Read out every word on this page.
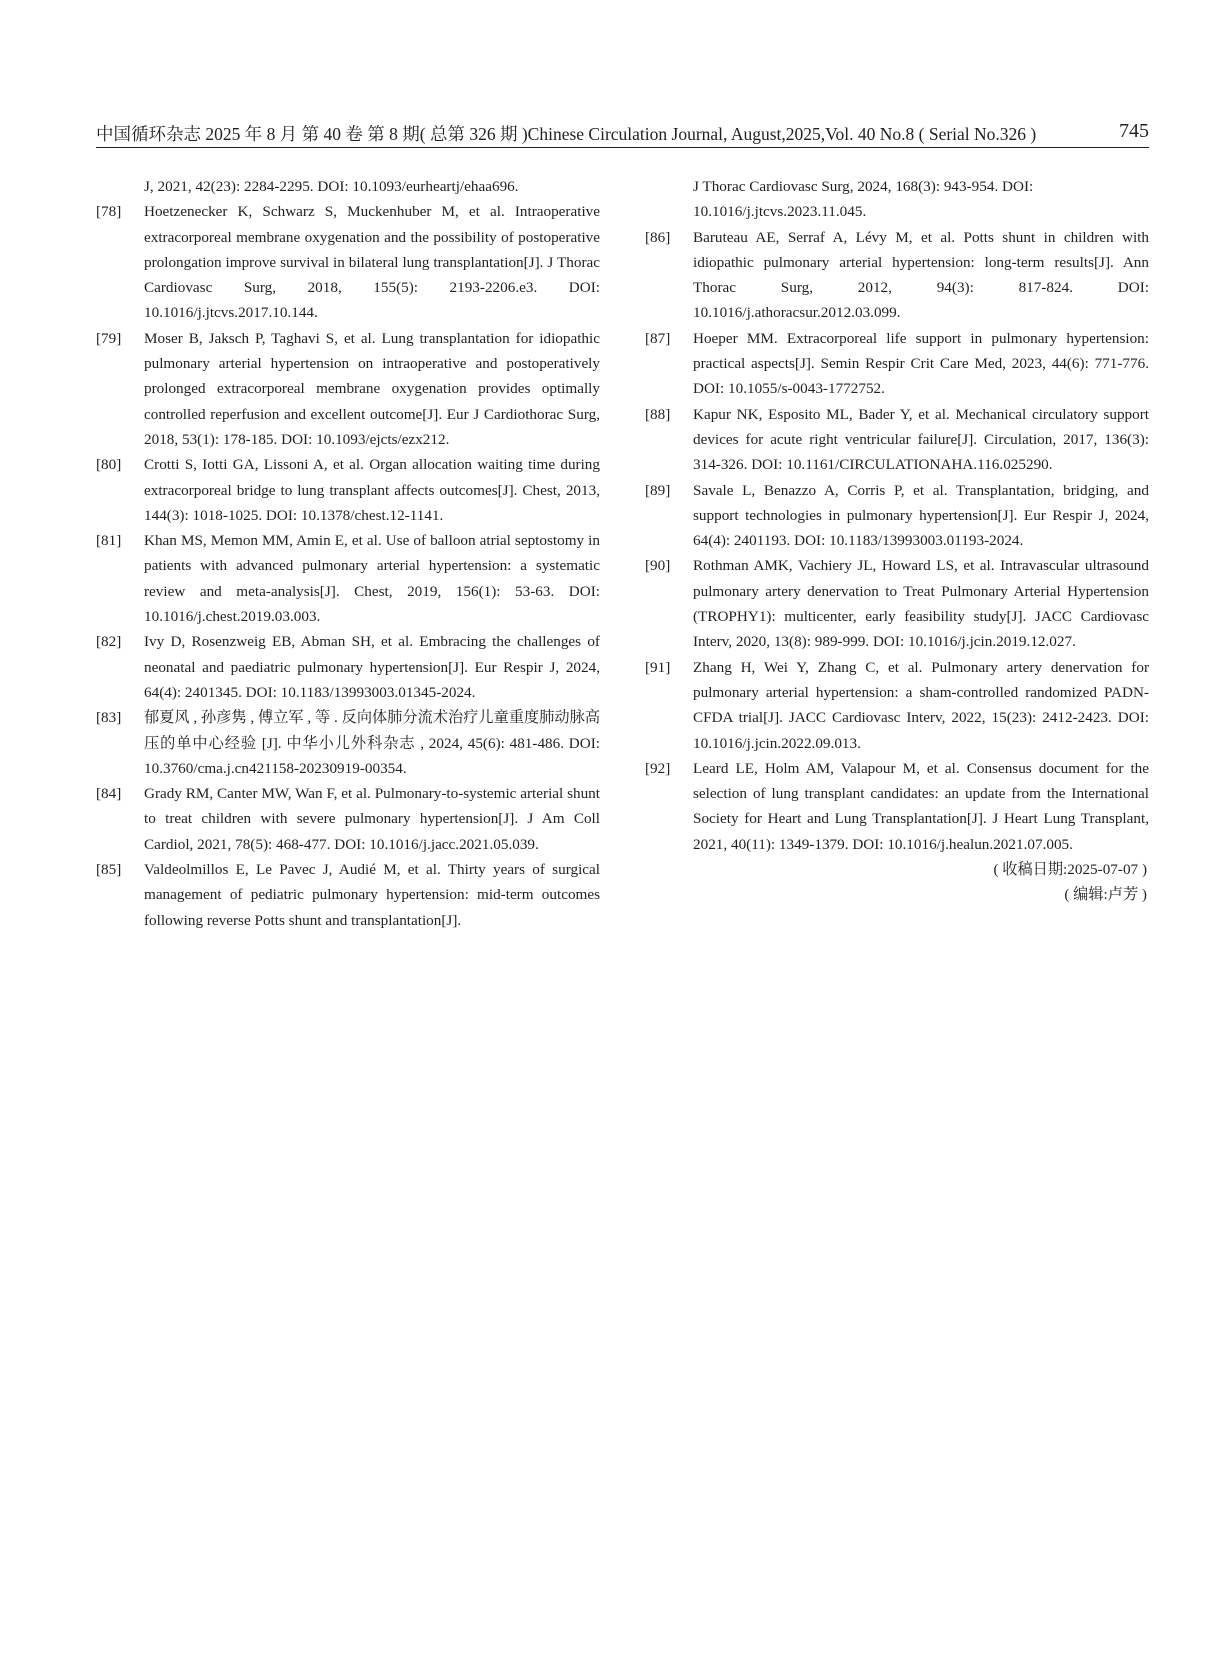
中国循环杂志 2025 年 8 月 第 40 卷 第 8 期( 总第 326 期 )Chinese Circulation Journal, August,2025,Vol. 40 No.8 ( Serial No.326 )	745
J, 2021, 42(23): 2284-2295. DOI: 10.1093/eurheartj/ehaa696.
[78] Hoetzenecker K, Schwarz S, Muckenhuber M, et al. Intraoperative extracorporeal membrane oxygenation and the possibility of postoperative prolongation improve survival in bilateral lung transplantation[J]. J Thorac Cardiovasc Surg, 2018, 155(5): 2193-2206.e3. DOI: 10.1016/j.jtcvs.2017.10.144.
[79] Moser B, Jaksch P, Taghavi S, et al. Lung transplantation for idiopathic pulmonary arterial hypertension on intraoperative and postoperatively prolonged extracorporeal membrane oxygenation provides optimally controlled reperfusion and excellent outcome[J]. Eur J Cardiothorac Surg, 2018, 53(1): 178-185. DOI: 10.1093/ejcts/ezx212.
[80] Crotti S, Iotti GA, Lissoni A, et al. Organ allocation waiting time during extracorporeal bridge to lung transplant affects outcomes[J]. Chest, 2013, 144(3): 1018-1025. DOI: 10.1378/chest.12-1141.
[81] Khan MS, Memon MM, Amin E, et al. Use of balloon atrial septostomy in patients with advanced pulmonary arterial hypertension: a systematic review and meta-analysis[J]. Chest, 2019, 156(1): 53-63. DOI: 10.1016/j.chest.2019.03.003.
[82] Ivy D, Rosenzweig EB, Abman SH, et al. Embracing the challenges of neonatal and paediatric pulmonary hypertension[J]. Eur Respir J, 2024, 64(4): 2401345. DOI: 10.1183/13993003.01345-2024.
[83] 郁夏风 , 孙彦隽 , 傅立军 , 等 . 反向体肺分流术治疗儿童重度肺动脉高压的单中心经验 [J]. 中华小儿外科杂志 , 2024, 45(6): 481-486. DOI: 10.3760/cma.j.cn421158-20230919-00354.
[84] Grady RM, Canter MW, Wan F, et al. Pulmonary-to-systemic arterial shunt to treat children with severe pulmonary hypertension[J]. J Am Coll Cardiol, 2021, 78(5): 468-477. DOI: 10.1016/j.jacc.2021.05.039.
[85] Valdeolmillos E, Le Pavec J, Audié M, et al. Thirty years of surgical management of pediatric pulmonary hypertension: mid-term outcomes following reverse Potts shunt and transplantation[J].
J Thorac Cardiovasc Surg, 2024, 168(3): 943-954. DOI: 10.1016/j.jtcvs.2023.11.045.
[86] Baruteau AE, Serraf A, Lévy M, et al. Potts shunt in children with idiopathic pulmonary arterial hypertension: long-term results[J]. Ann Thorac Surg, 2012, 94(3): 817-824. DOI: 10.1016/j.athoracsur.2012.03.099.
[87] Hoeper MM. Extracorporeal life support in pulmonary hypertension: practical aspects[J]. Semin Respir Crit Care Med, 2023, 44(6): 771-776. DOI: 10.1055/s-0043-1772752.
[88] Kapur NK, Esposito ML, Bader Y, et al. Mechanical circulatory support devices for acute right ventricular failure[J]. Circulation, 2017, 136(3): 314-326. DOI: 10.1161/CIRCULATIONAHA.116.025290.
[89] Savale L, Benazzo A, Corris P, et al. Transplantation, bridging, and support technologies in pulmonary hypertension[J]. Eur Respir J, 2024, 64(4): 2401193. DOI: 10.1183/13993003.01193-2024.
[90] Rothman AMK, Vachiery JL, Howard LS, et al. Intravascular ultrasound pulmonary artery denervation to Treat Pulmonary Arterial Hypertension (TROPHY1): multicenter, early feasibility study[J]. JACC Cardiovasc Interv, 2020, 13(8): 989-999. DOI: 10.1016/j.jcin.2019.12.027.
[91] Zhang H, Wei Y, Zhang C, et al. Pulmonary artery denervation for pulmonary arterial hypertension: a sham-controlled randomized PADN-CFDA trial[J]. JACC Cardiovasc Interv, 2022, 15(23): 2412-2423. DOI: 10.1016/j.jcin.2022.09.013.
[92] Leard LE, Holm AM, Valapour M, et al. Consensus document for the selection of lung transplant candidates: an update from the International Society for Heart and Lung Transplantation[J]. J Heart Lung Transplant, 2021, 40(11): 1349-1379. DOI: 10.1016/j.healun.2021.07.005.
( 收稿日期:2025-07-07 )
( 编辑:卢芳 )
